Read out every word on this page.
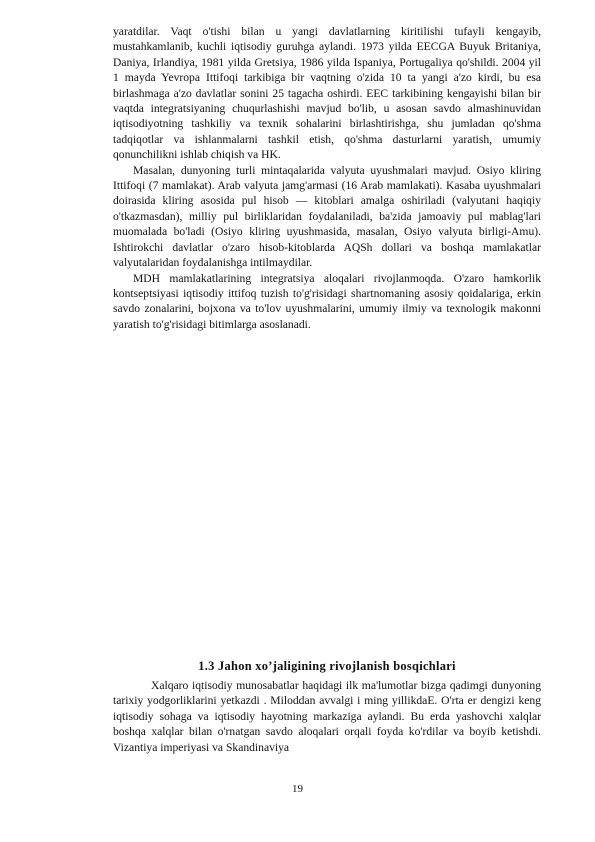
yaratdilar. Vaqt o'tishi bilan u yangi davlatlarning kiritilishi tufayli kengayib, mustahkamlanib, kuchli iqtisodiy guruhga aylandi. 1973 yilda EECGA Buyuk Britaniya, Daniya, Irlandiya, 1981 yilda Gretsiya, 1986 yilda Ispaniya, Portugaliya qo'shildi. 2004 yil 1 mayda Yevropa Ittifoqi tarkibiga bir vaqtning o'zida 10 ta yangi a'zo kirdi, bu esa birlashmaga a'zo davlatlar sonini 25 tagacha oshirdi. EEC tarkibining kengayishi bilan bir vaqtda integratsiyaning chuqurlashishi mavjud bo'lib, u asosan savdo almashinuvidan iqtisodiyotning tashkiliy va texnik sohalarini birlashtirishga, shu jumladan qo'shma tadqiqotlar va ishlanmalarni tashkil etish, qo'shma dasturlarni yaratish, umumiy qonunchilikni ishlab chiqish va HK.

Masalan, dunyoning turli mintaqalarida valyuta uyushmalari mavjud. Osiyo kliring Ittifoqi (7 mamlakat). Arab valyuta jamg'armasi (16 Arab mamlakati). Kasaba uyushmalari doirasida kliring asosida pul hisob — kitoblari amalga oshiriladi (valyutani haqiqiy o'tkazmasdan), milliy pul birliklaridan foydalaniladi, ba'zida jamoaviy pul mablag'lari muomalada bo'ladi (Osiyo kliring uyushmasida, masalan, Osiyo valyuta birligi-Amu). Ishtirokchi davlatlar o'zaro hisob-kitoblarda AQSh dollari va boshqa mamlakatlar valyutalaridan foydalanishga intilmaydilar.

MDH mamlakatlarining integratsiya aloqalari rivojlanmoqda. O'zaro hamkorlik kontseptsiyasi iqtisodiy ittifoq tuzish to'g'risidagi shartnomaning asosiy qoidalariga, erkin savdo zonalarini, bojxona va to'lov uyushmalarini, umumiy ilmiy va texnologik makonni yaratish to'g'risidagi bitimlarga asoslanadi.

1.3 Jahon xo’jaligining rivojlanish bosqichlari

Xalqaro iqtisodiy munosabatlar haqidagi ilk ma'lumotlar bizga qadimgi dunyoning tarixiy yodgorliklarini yetkazdi . Miloddan avvalgi i ming yillikdaE. O'rta er dengizi keng iqtisodiy sohaga va iqtisodiy hayotning markaziga aylandi. Bu erda yashovchi xalqlar boshqa xalqlar bilan o'rnatgan savdo aloqalari orqali foyda ko'rdilar va boyib ketishdi. Vizantiya imperiyasi va Skandinaviya

19
